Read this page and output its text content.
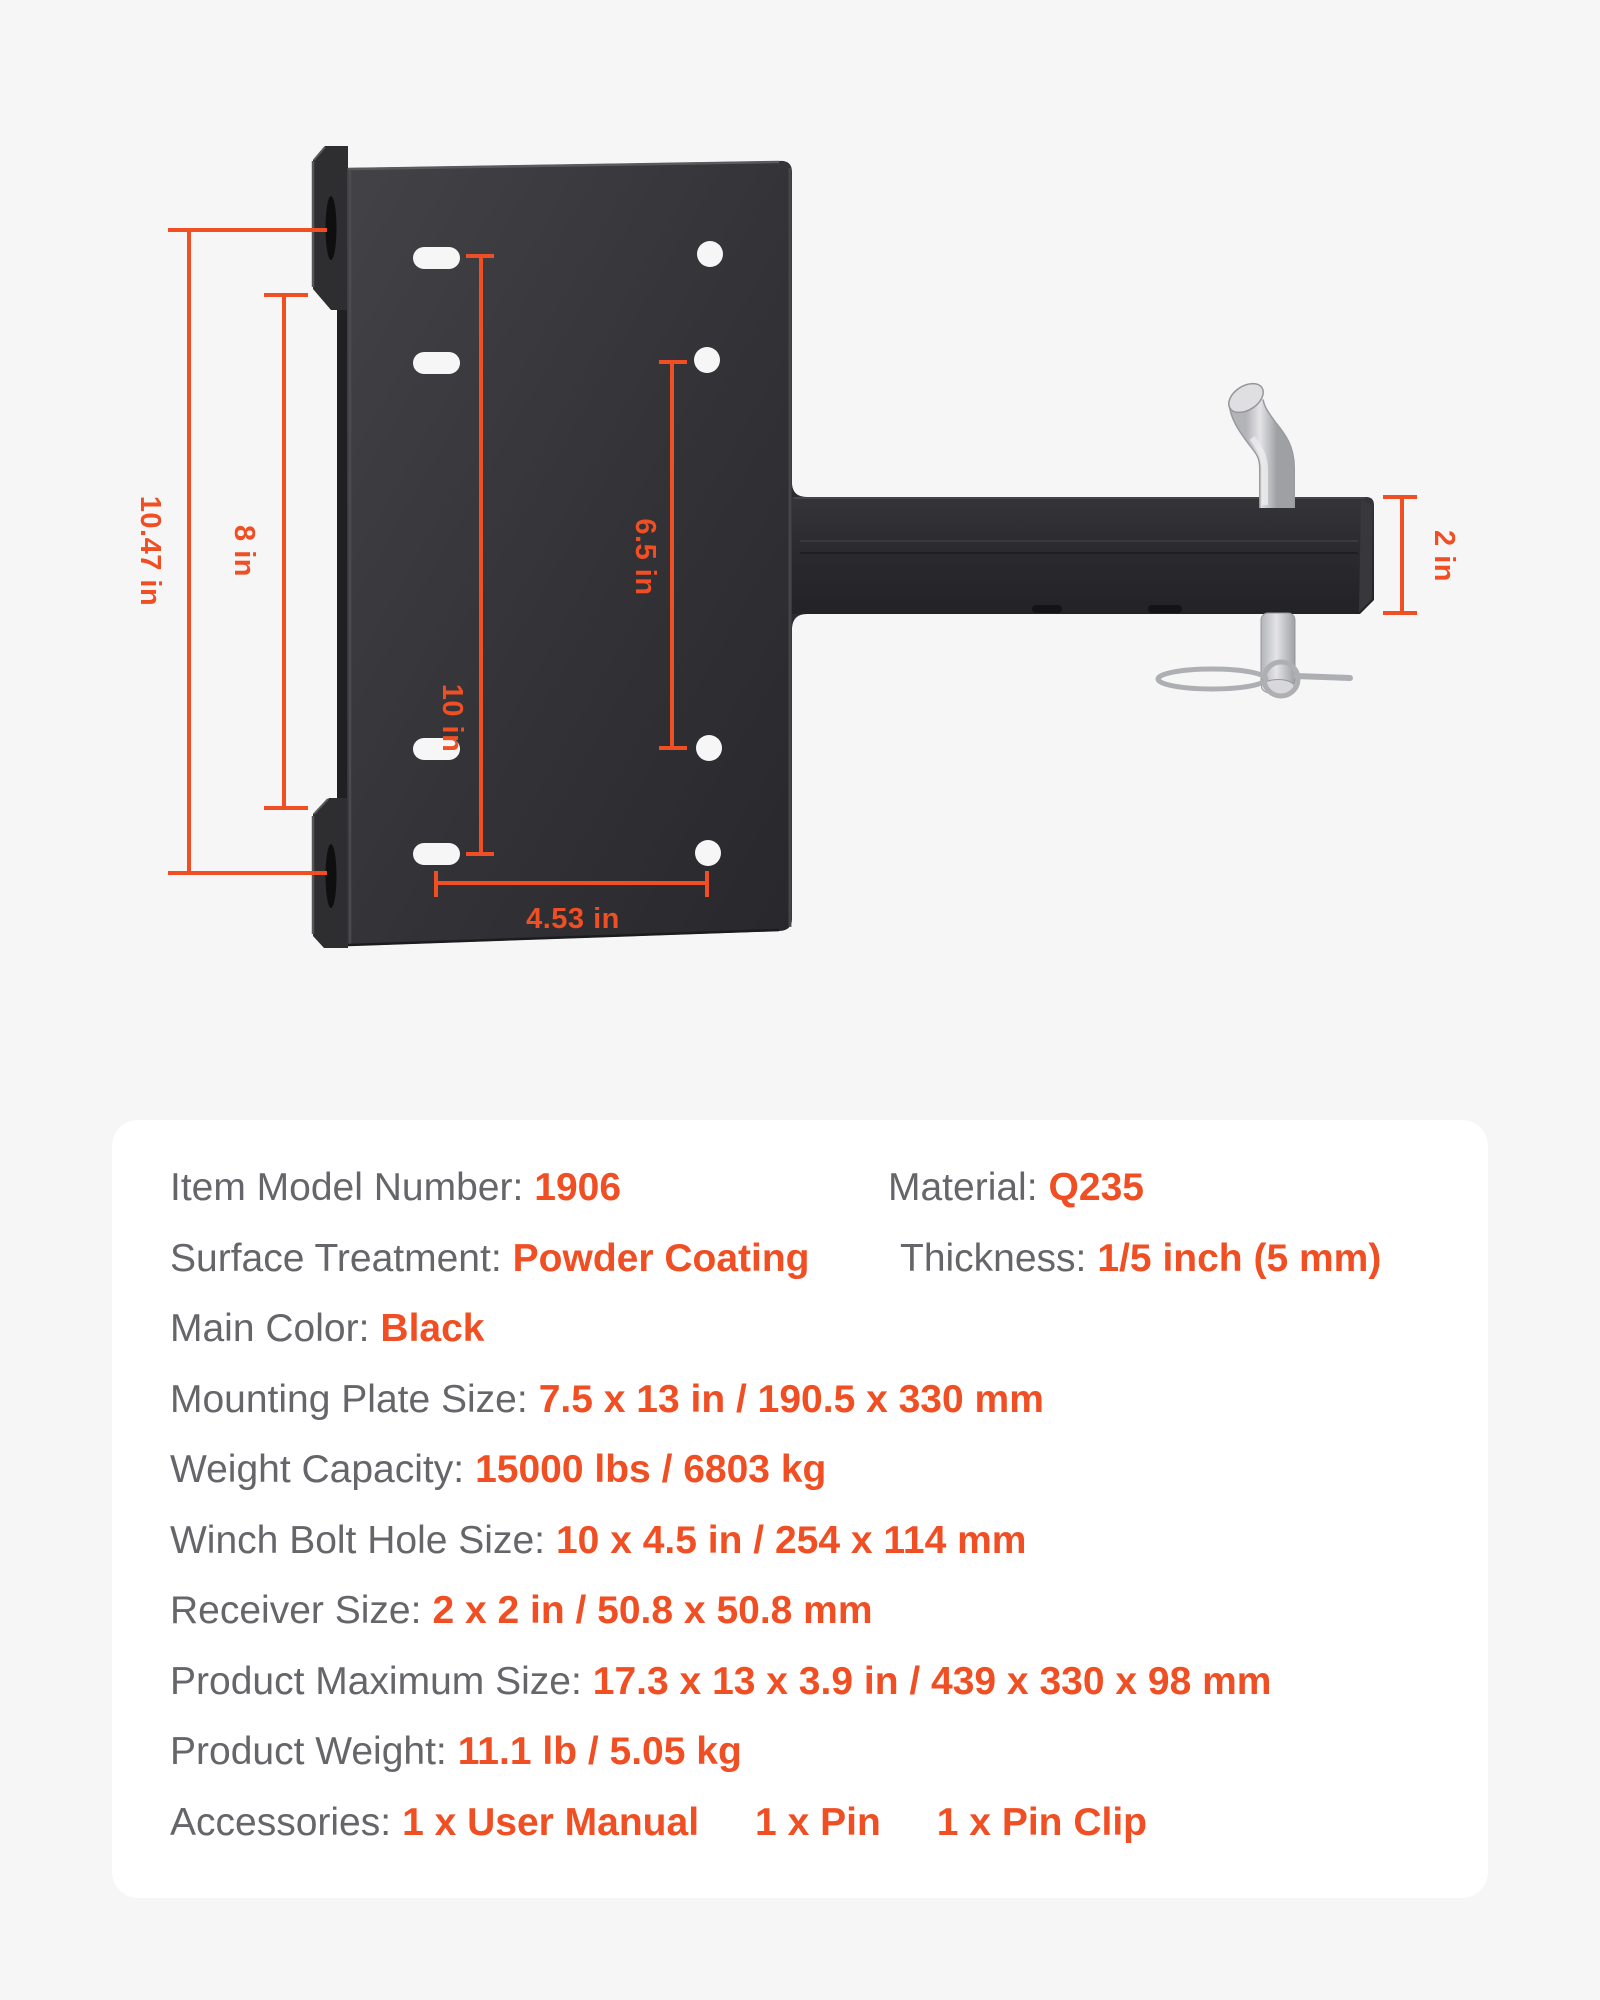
10.47 in 8 in
10 in
6.5 in	2 in
4.53 in
Item Model Number: 1906	Material: Q235
Surface Treatment: Powder Coating Thickness: 1/5 inch (5 mm)
Main Color: Black
Mounting Plate Size: 7.5 x 13 in / 190.5 x 330 mm
Weight Capacity: 15000 lbs / 6803 kg
Winch Bolt Hole Size: 10 x 4.5 in / 254 x 114 mm
Receiver Size: 2 x 2 in / 50.8 x 50.8 mm
Product Maximum Size: 17.3 x 13 x 3.9 in / 439 x 330 x 98 mm
Product Weight: 11.1 lb / 5.05 kg
Accessories: 1 x User Manual 1 x Pin 1 x Pin Clip
